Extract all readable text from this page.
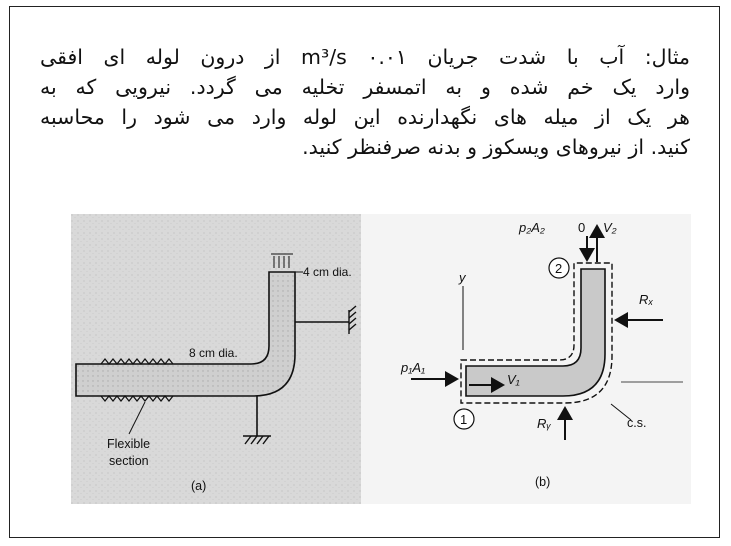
مثال: آب با شدت جریان ۰.۰۱ m³/s از درون لوله ای افقی
وارد یک خم شده و به اتمسفر تخلیه می گردد. نیرویی که به
هر یک از میله های نگهدارنده این لوله وارد می شود را محاسبه
کنید. از نیروهای ویسکوز و بدنه صرفنظر کنید.
4 cm dia.
8 cm dia.
Flexible
section
(a)
y
p₂A₂	0 V₂
2
Rₓ
p₁A₁
V₁
1	Rᵧ	c.s.
(b)
